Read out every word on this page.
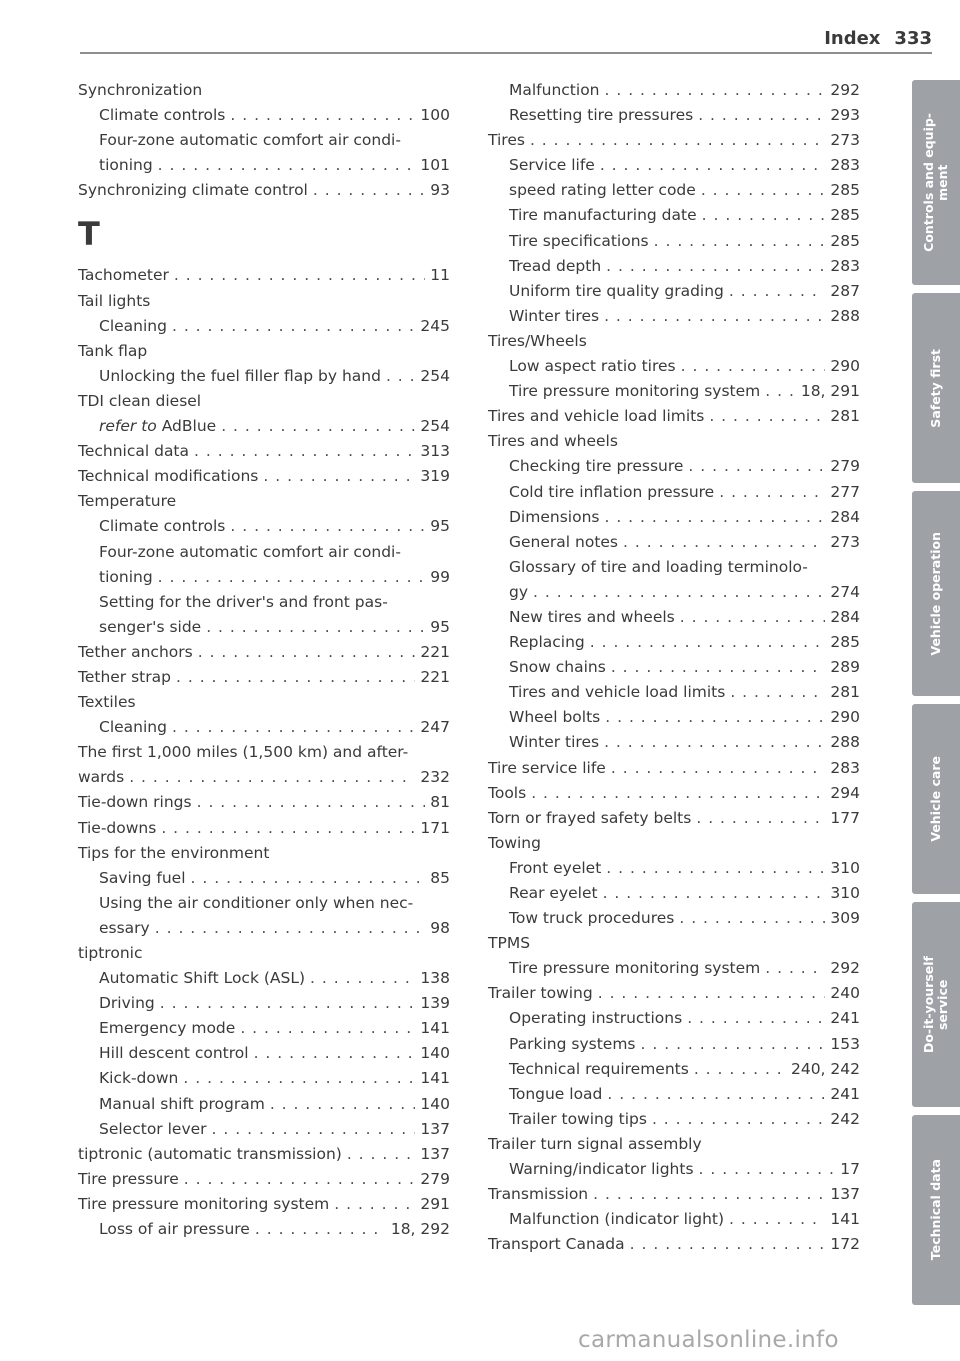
Index 333
Synchronization
Climate controls . . .	100
Four-zone automatic comfort air condi-
tioning . . .	101
Synchronizing climate control . . .	93
T
Tachometer . . .	11
Tail lights
Cleaning . . .	245
Tank flap
Unlocking the fuel filler flap by hand . . .	254
TDI clean diesel
refer to AdBlue . . .	254
Technical data . . .	313
Technical modifications . . .	319
Temperature
Climate controls . . .	95
Four-zone automatic comfort air condi-
tioning . . .	99
Setting for the driver's and front pas-
senger's side . . .	95
Tether anchors . . .	221
Tether strap . . .	221
Textiles
Cleaning . . .	247
The first 1,000 miles (1,500 km) and after-
wards . . .	232
Tie-down rings . . .	81
Tie-downs . . .	171
Tips for the environment
Saving fuel . . .	85
Using the air conditioner only when nec-
essary . . .	98
tiptronic
Automatic Shift Lock (ASL) . . .	138
Driving . . .	139
Emergency mode . . .	141
Hill descent control . . .	140
Kick-down . . .	141
Manual shift program . . .	140
Selector lever . . .	137
tiptronic (automatic transmission) . . .	137
Tire pressure . . .	279
Tire pressure monitoring system . . .	291
Loss of air pressure . . .	18, 292
Malfunction . . .	292
Resetting tire pressures . . .	293
Tires . . .	273
Service life . . .	283
speed rating letter code . . .	285
Tire manufacturing date . . .	285
Tire specifications . . .	285
Tread depth . . .	283
Uniform tire quality grading . . .	287
Winter tires . . .	288
Tires/Wheels
Low aspect ratio tires . . .	290
Tire pressure monitoring system . . .	18, 291
Tires and vehicle load limits . . .	281
Tires and wheels
Checking tire pressure . . .	279
Cold tire inflation pressure . . .	277
Dimensions . . .	284
General notes . . .	273
Glossary of tire and loading terminolo-
gy . . .	274
New tires and wheels . . .	284
Replacing . . .	285
Snow chains . . .	289
Tires and vehicle load limits . . .	281
Wheel bolts . . .	290
Winter tires . . .	288
Tire service life . . .	283
Tools . . .	294
Torn or frayed safety belts . . .	177
Towing
Front eyelet . . .	310
Rear eyelet . . .	310
Tow truck procedures . . .	309
TPMS
Tire pressure monitoring system . . .	292
Trailer towing . . .	240
Operating instructions . . .	241
Parking systems . . .	153
Technical requirements . . .	240, 242
Tongue load . . .	241
Trailer towing tips . . .	242
Trailer turn signal assembly
Warning/indicator lights . . .	17
Transmission . . .	137
Malfunction (indicator light) . . .	141
Transport Canada . . .	172
Controls and equip-
ment
Safety first
Vehicle operation
Vehicle care
Do-it-yourself
service
Technical data
carmanualsonline.info
